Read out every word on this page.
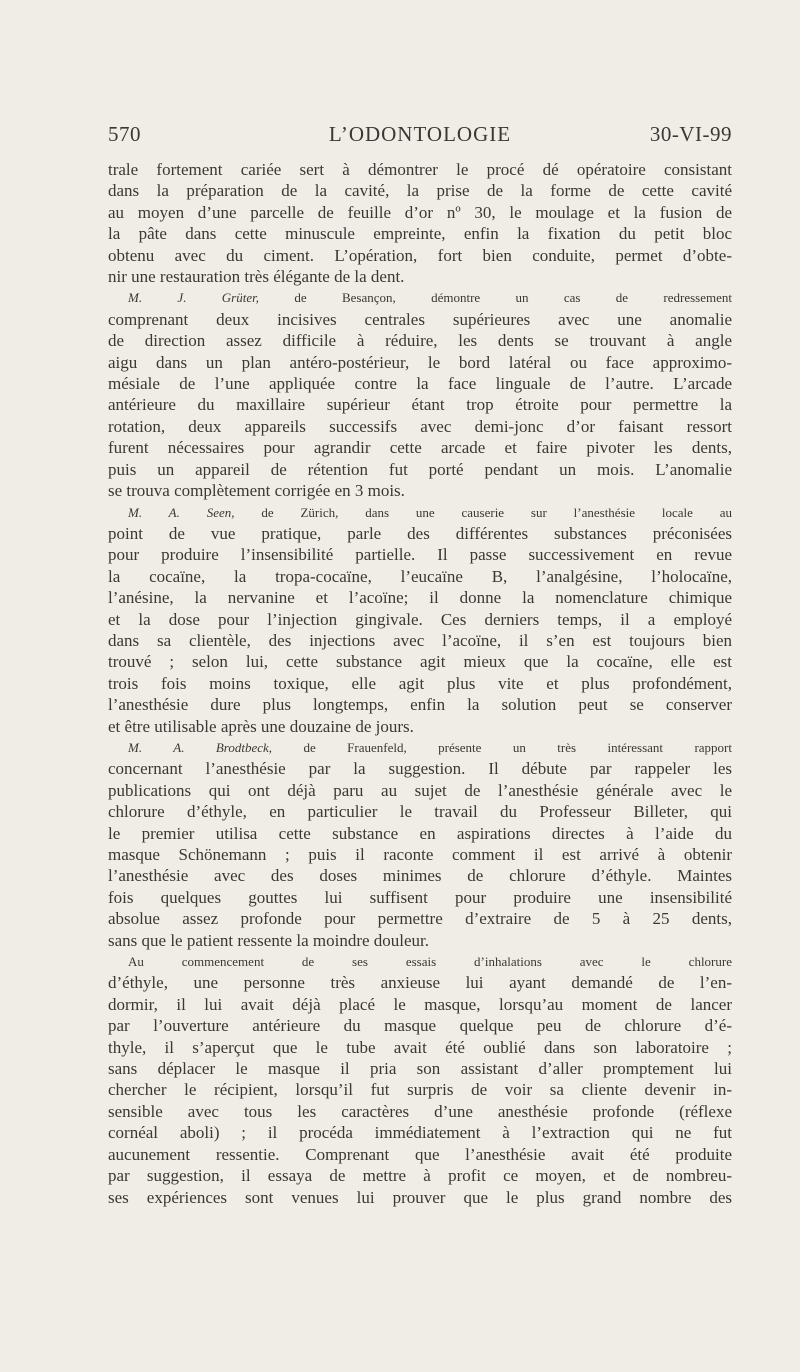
570	L’ODONTOLOGIE	30-VI-99
trale fortement cariée sert à démontrer le procé dé opératoire consistant
dans la préparation de la cavité, la prise de la forme de cette cavité
au moyen d’une parcelle de feuille d’or nº 30, le moulage et la fusion de
la pâte dans cette minuscule empreinte, enfin la fixation du petit bloc
obtenu avec du ciment. L’opération, fort bien conduite, permet d’obte-
nir une restauration très élégante de la dent.
M. J. Grüter, de Besançon, démontre un cas de redressement
comprenant deux incisives centrales supérieures avec une anomalie
de direction assez difficile à réduire, les dents se trouvant à angle
aigu dans un plan antéro-postérieur, le bord latéral ou face approximo-
mésiale de l’une appliquée contre la face linguale de l’autre. L’arcade
antérieure du maxillaire supérieur étant trop étroite pour permettre la
rotation, deux appareils successifs avec demi-jonc d’or faisant ressort
furent nécessaires pour agrandir cette arcade et faire pivoter les dents,
puis un appareil de rétention fut porté pendant un mois. L’anomalie
se trouva complètement corrigée en 3 mois.
M. A. Seen, de Zürich, dans une causerie sur l’anesthésie locale au
point de vue pratique, parle des différentes substances préconisées
pour produire l’insensibilité partielle. Il passe successivement en revue
la cocaïne, la tropa-cocaïne, l’eucaïne B, l’analgésine, l’holocaïne,
l’anésine, la nervanine et l’acoïne; il donne la nomenclature chimique
et la dose pour l’injection gingivale. Ces derniers temps, il a employé
dans sa clientèle, des injections avec l’acoïne, il s’en est toujours bien
trouvé ; selon lui, cette substance agit mieux que la cocaïne, elle est
trois fois moins toxique, elle agit plus vite et plus profondément,
l’anesthésie dure plus longtemps, enfin la solution peut se conserver
et être utilisable après une douzaine de jours.
M. A. Brodtbeck, de Frauenfeld, présente un très intéressant rapport
concernant l’anesthésie par la suggestion. Il débute par rappeler les
publications qui ont déjà paru au sujet de l’anesthésie générale avec le
chlorure d’éthyle, en particulier le travail du Professeur Billeter, qui
le premier utilisa cette substance en aspirations directes à l’aide du
masque Schönemann ; puis il raconte comment il est arrivé à obtenir
l’anesthésie avec des doses minimes de chlorure d’éthyle. Maintes
fois quelques gouttes lui suffisent pour produire une insensibilité
absolue assez profonde pour permettre d’extraire de 5 à 25 dents,
sans que le patient ressente la moindre douleur.
Au commencement de ses essais d’inhalations avec le chlorure
d’éthyle, une personne très anxieuse lui ayant demandé de l’en-
dormir, il lui avait déjà placé le masque, lorsqu’au moment de lancer
par l’ouverture antérieure du masque quelque peu de chlorure d’é-
thyle, il s’aperçut que le tube avait été oublié dans son laboratoire ;
sans déplacer le masque il pria son assistant d’aller promptement lui
chercher le récipient, lorsqu’il fut surpris de voir sa cliente devenir in-
sensible avec tous les caractères d’une anesthésie profonde (réflexe
cornéal aboli) ; il procéda immédiatement à l’extraction qui ne fut
aucunement ressentie. Comprenant que l’anesthésie avait été produite
par suggestion, il essaya de mettre à profit ce moyen, et de nombreu-
ses expériences sont venues lui prouver que le plus grand nombre des
